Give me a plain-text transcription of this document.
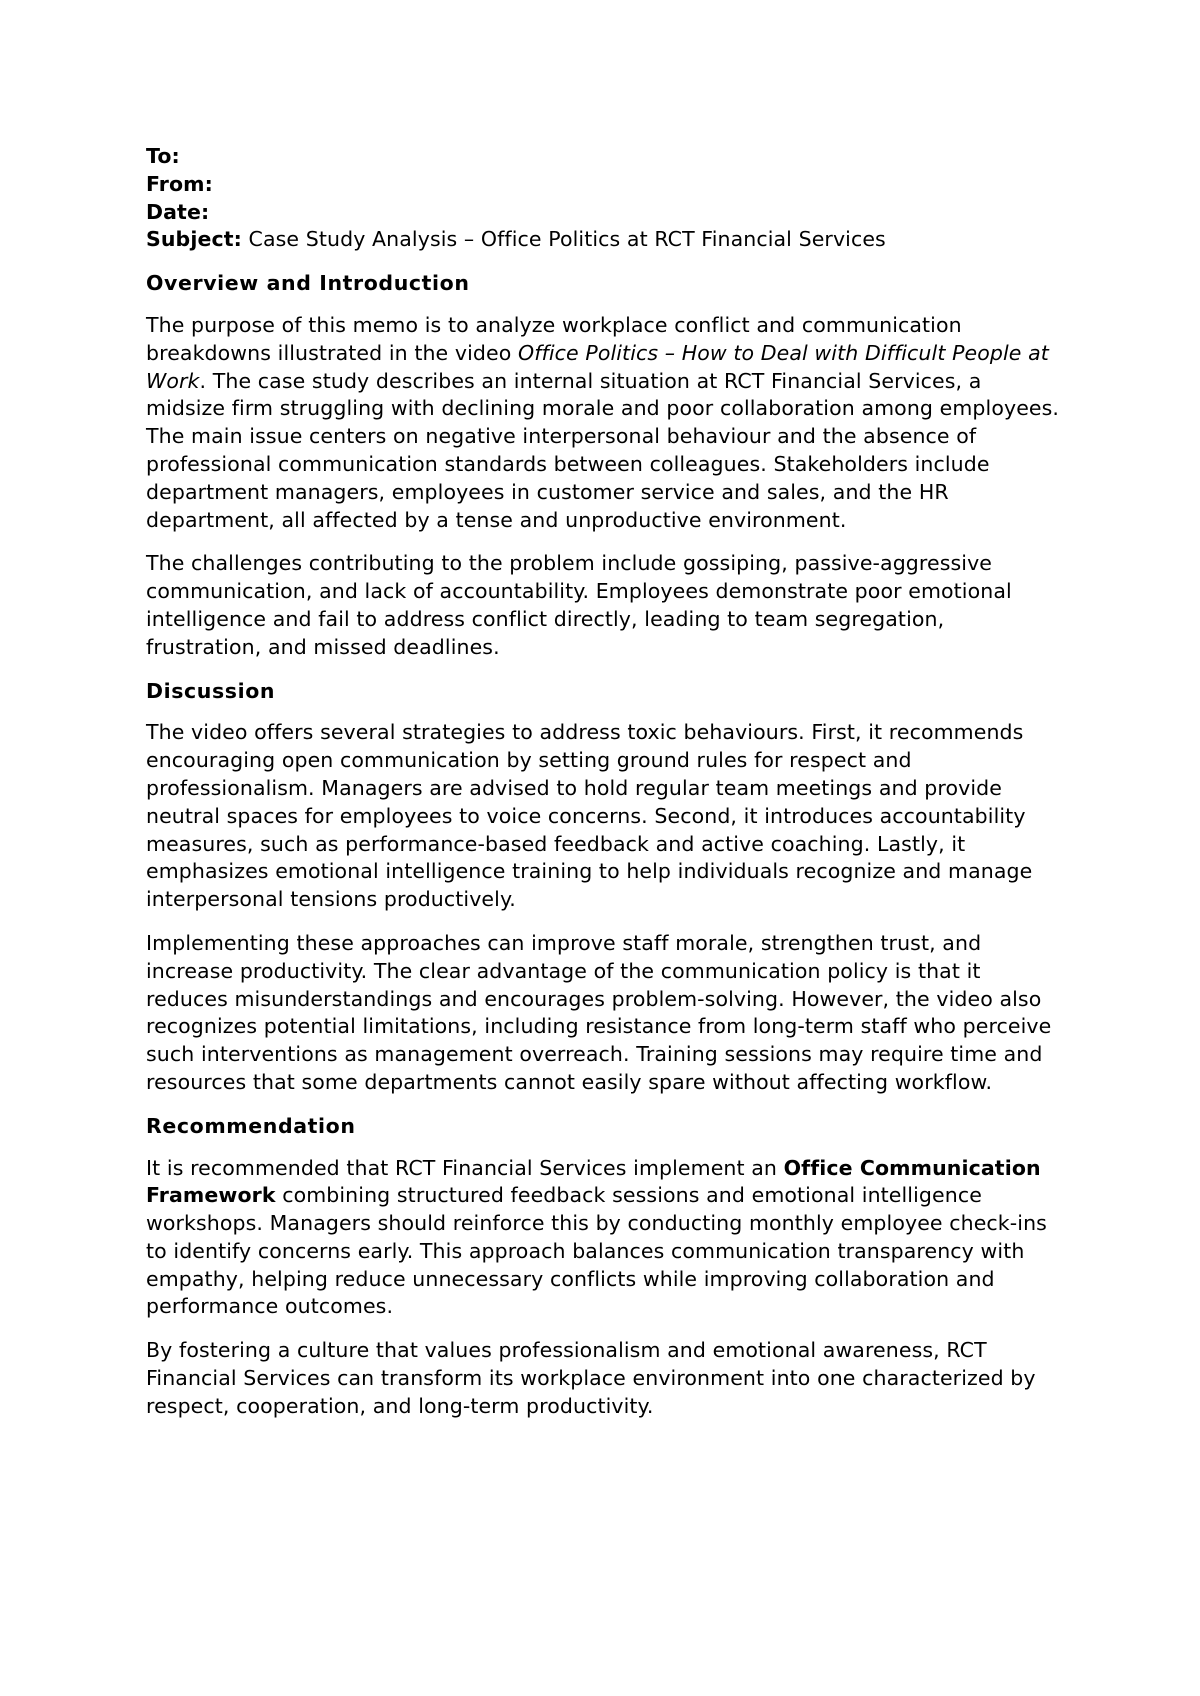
To:
From:
Date:
Subject: Case Study Analysis – Office Politics at RCT Financial Services
Overview and Introduction

The purpose of this memo is to analyze workplace conflict and communication breakdowns illustrated in the video Office Politics – How to Deal with Difficult People at Work. The case study describes an internal situation at RCT Financial Services, a midsize firm struggling with declining morale and poor collaboration among employees. The main issue centers on negative interpersonal behaviour and the absence of professional communication standards between colleagues. Stakeholders include department managers, employees in customer service and sales, and the HR department, all affected by a tense and unproductive environment.

The challenges contributing to the problem include gossiping, passive-aggressive communication, and lack of accountability. Employees demonstrate poor emotional intelligence and fail to address conflict directly, leading to team segregation, frustration, and missed deadlines.

Discussion

The video offers several strategies to address toxic behaviours. First, it recommends encouraging open communication by setting ground rules for respect and professionalism. Managers are advised to hold regular team meetings and provide neutral spaces for employees to voice concerns. Second, it introduces accountability measures, such as performance-based feedback and active coaching. Lastly, it emphasizes emotional intelligence training to help individuals recognize and manage interpersonal tensions productively.

Implementing these approaches can improve staff morale, strengthen trust, and increase productivity. The clear advantage of the communication policy is that it reduces misunderstandings and encourages problem-solving. However, the video also recognizes potential limitations, including resistance from long-term staff who perceive such interventions as management overreach. Training sessions may require time and resources that some departments cannot easily spare without affecting workflow.

Recommendation

It is recommended that RCT Financial Services implement an Office Communication Framework combining structured feedback sessions and emotional intelligence workshops. Managers should reinforce this by conducting monthly employee check-ins to identify concerns early. This approach balances communication transparency with empathy, helping reduce unnecessary conflicts while improving collaboration and performance outcomes.

By fostering a culture that values professionalism and emotional awareness, RCT Financial Services can transform its workplace environment into one characterized by respect, cooperation, and long-term productivity.
